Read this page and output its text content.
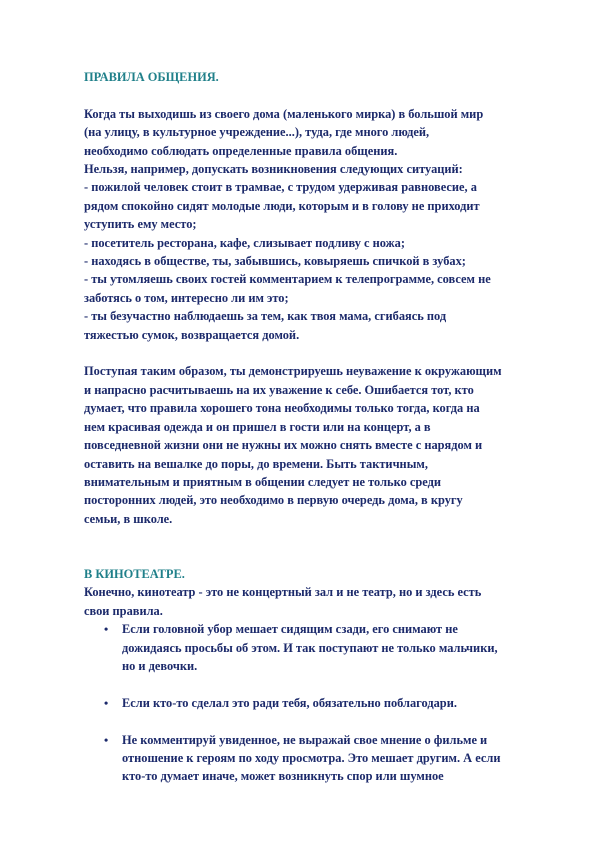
ПРАВИЛА ОБЩЕНИЯ.

Когда ты выходишь из своего дома (маленького мирка) в большой мир
(на улицу, в культурное учреждение...), туда, где много людей,
необходимо соблюдать определенные правила общения.
Нельзя, например, допускать возникновения следующих ситуаций:
- пожилой человек стоит в трамвае, с трудом удерживая равновесие, а
рядом спокойно сидят молодые люди, которым и в голову не приходит
уступить ему место;
- посетитель ресторана, кафе, слизывает подливу с ножа;
- находясь в обществе, ты, забывшись, ковыряешь спичкой в зубах;
- ты утомляешь своих гостей комментарием к телепрограмме, совсем не
заботясь о том, интересно ли им это;
- ты безучастно наблюдаешь за тем, как твоя мама, сгибаясь под
тяжестью сумок, возвращается домой.

Поступая таким образом, ты демонстрируешь неуважение к окружающим
и напрасно расчитываешь на их уважение к себе. Ошибается тот, кто
думает, что правила хорошего тона необходимы только тогда, когда на
нем красивая одежда и он пришел в гости или на концерт, а в
повседневной жизни они не нужны их можно снять вместе с нарядом и
оставить на вешалке до поры, до времени. Быть тактичным,
внимательным и приятным в общении следует не только среди
посторонних людей, это необходимо в первую очередь дома, в кругу
семьи, в школе.

В КИНОТЕАТРЕ.

Конечно, кинотеатр - это не концертный зал и не театр, но и здесь есть
свои правила.

• Если головной убор мешает сидящим сзади, его снимают не
дожидаясь просьбы об этом. И так поступают не только мальчики,
но и девочки.
• Если кто-то сделал это ради тебя, обязательно поблагодари.
• Не комментируй увиденное, не выражай свое мнение о фильме и
отношение к героям по ходу просмотра. Это мешает другим. А если
кто-то думает иначе, может возникнуть спор или шумное
